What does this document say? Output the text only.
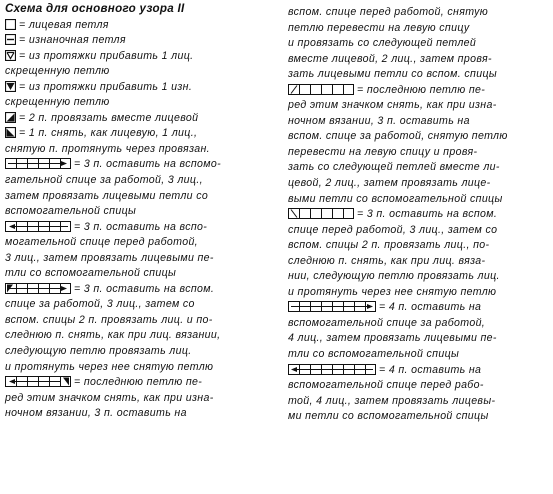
Схема для основного узора II
= лицевая петля
= изнаночная петля
= из протяжки прибавить 1 лиц.
скрещенную петлю
= из протяжки прибавить 1 изн.
скрещенную петлю
= 2 п. провязать вместе лицевой
= 1 п. снять, как лицевую, 1 лиц.,
снятую п. протянуть через провязан.
= 3 п. оставить на вспомо-
гательной спице за работой, 3 лиц.,
затем провязать лицевыми петли со
вспомогательной спицы
= 3 п. оставить на вспо-
могательной спице перед работой,
3 лиц., затем провязать лицевыми пе-
тли со вспомогательной спицы
= 3 п. оставить на вспом.
спице за работой, 3 лиц., затем со
вспом. спицы 2 п. провязать лиц. и по-
следнюю п. снять, как при лиц. вязании,
следующую петлю провязать лиц.
и протянуть через нее снятую петлю
= последнюю петлю пе-
ред этим значком снять, как при изна-
ночном вязании, 3 п. оставить на
вспом. спице перед работой, снятую
петлю перевести на левую спицу
и провязать со следующей петлей
вместе лицевой, 2 лиц., затем провя-
зать лицевыми петли со вспом. спицы
= последнюю петлю пе-
ред этим значком снять, как при изна-
ночном вязании, 3 п. оставить на
вспом. спице за работой, снятую петлю
перевести на левую спицу и провя-
зать со следующей петлей вместе ли-
цевой, 2 лиц., затем провязать лице-
выми петли со вспомогательной спицы
= 3 п. оставить на вспом.
спице перед работой, 3 лиц., затем со
вспом. спицы 2 п. провязать лиц., по-
следнюю п. снять, как при лиц. вяза-
нии, следующую петлю провязать лиц.
и протянуть через нее снятую петлю
= 4 п. оставить на
вспомогательной спице за работой,
4 лиц., затем провязать лицевыми пе-
тли со вспомогательной спицы
= 4 п. оставить на
вспомогательной спице перед рабо-
той, 4 лиц., затем провязать лицевы-
ми петли со вспомогательной спицы
